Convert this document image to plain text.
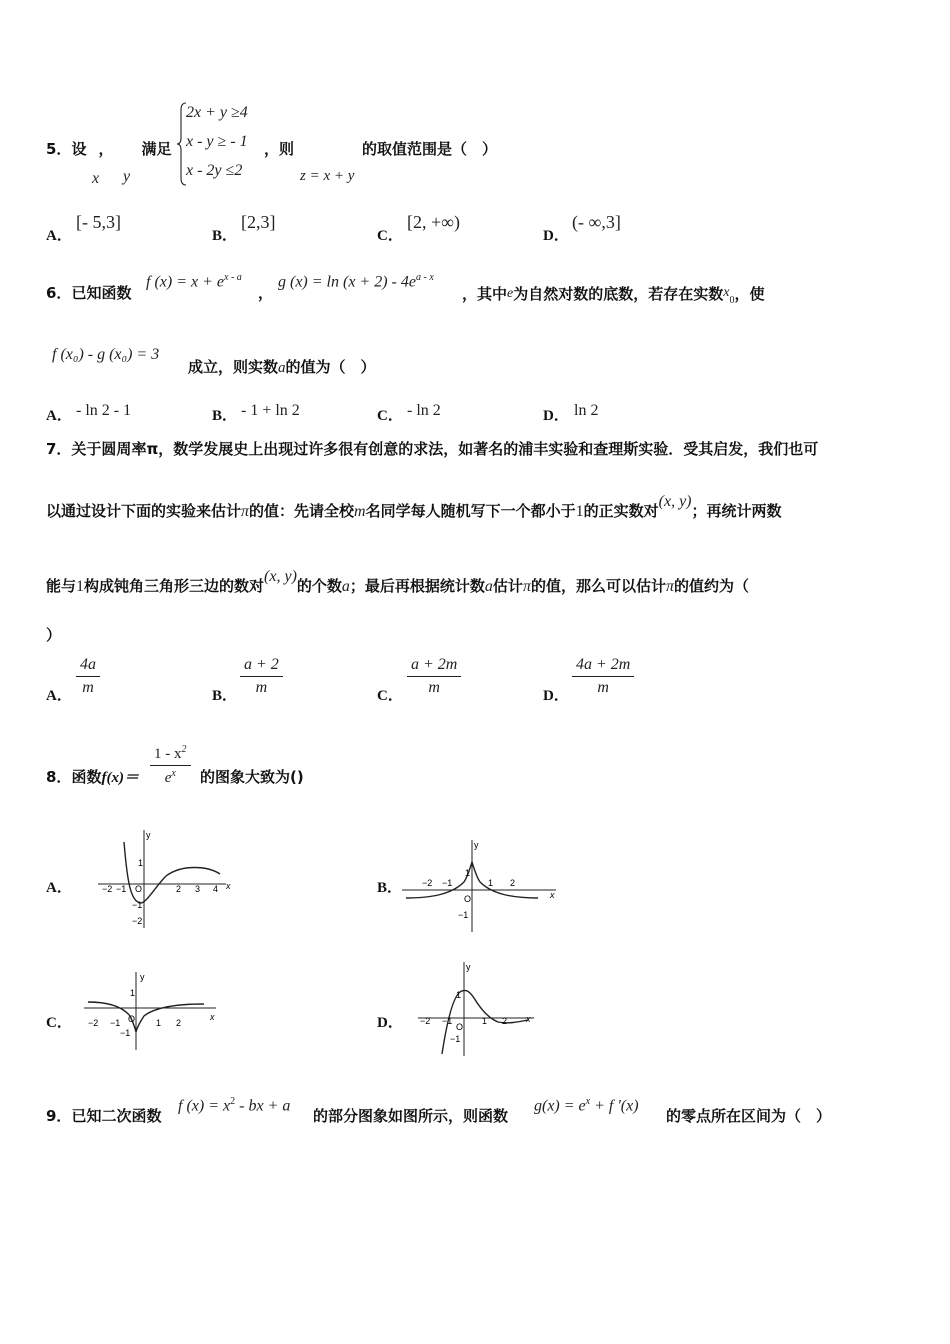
5．设 ， 满足
x y
2x + y ≥4
x - y ≥ - 1
x - 2y ≤2
，则
z = x + y
的取值范围是（　）
A．
[- 5,3]
B．
[2,3]
C．
[2, +∞)
D．
(- ∞,3]
6．已知函数
f $(x) = x + e^{x - a}$
，
g $(x) = \ln (x + 2) - 4e^{a - x}$
，其中e为自然对数的底数，若存在实数$x_0$，使
f (x₀) - g (x₀) = 3
成立，则实数a的值为（　）
A． - ln 2 - 1	B． - 1 + ln 2	C． - ln 2	D． ln 2
7．关于圆周率π，数学发展史上出现过许多很有创意的求法，如著名的浦丰实验和查理斯实验．受其启发，我们也可
以通过设计下面的实验来估计π的值：先请全校m名同学每人随机写下一个都小于1的正实数对(x, y)；再统计两数
能与1构成钝角三角形三边的数对(x, y)的个数a；最后再根据统计数a估计π的值，那么可以估计π的值约为（
）
A． $\frac{4a}{m}$	B． $\frac{a + 2}{m}$	C． $\frac{a + 2m}{m}$	D． $\frac{4a + 2m}{m}$
8．函数$f(x)= \frac{1 - x^2}{e^x}$ 的图象大致为()
A．	B．
C．	D．
y
x
O
−2 −1	2 3 4
1
−1
−2
y
x
O
−2 −1	1 2
1
−1
y
x
O
−2 −1	1 2
1
−1
y
x
O
−2 −1	1 2
1
−1
9．已知二次函数
f $(x) = x^2$ - bx + a
的部分图象如图所示，则函数
$g(x) = e^x + f$ '(x)
的零点所在区间为（　）
